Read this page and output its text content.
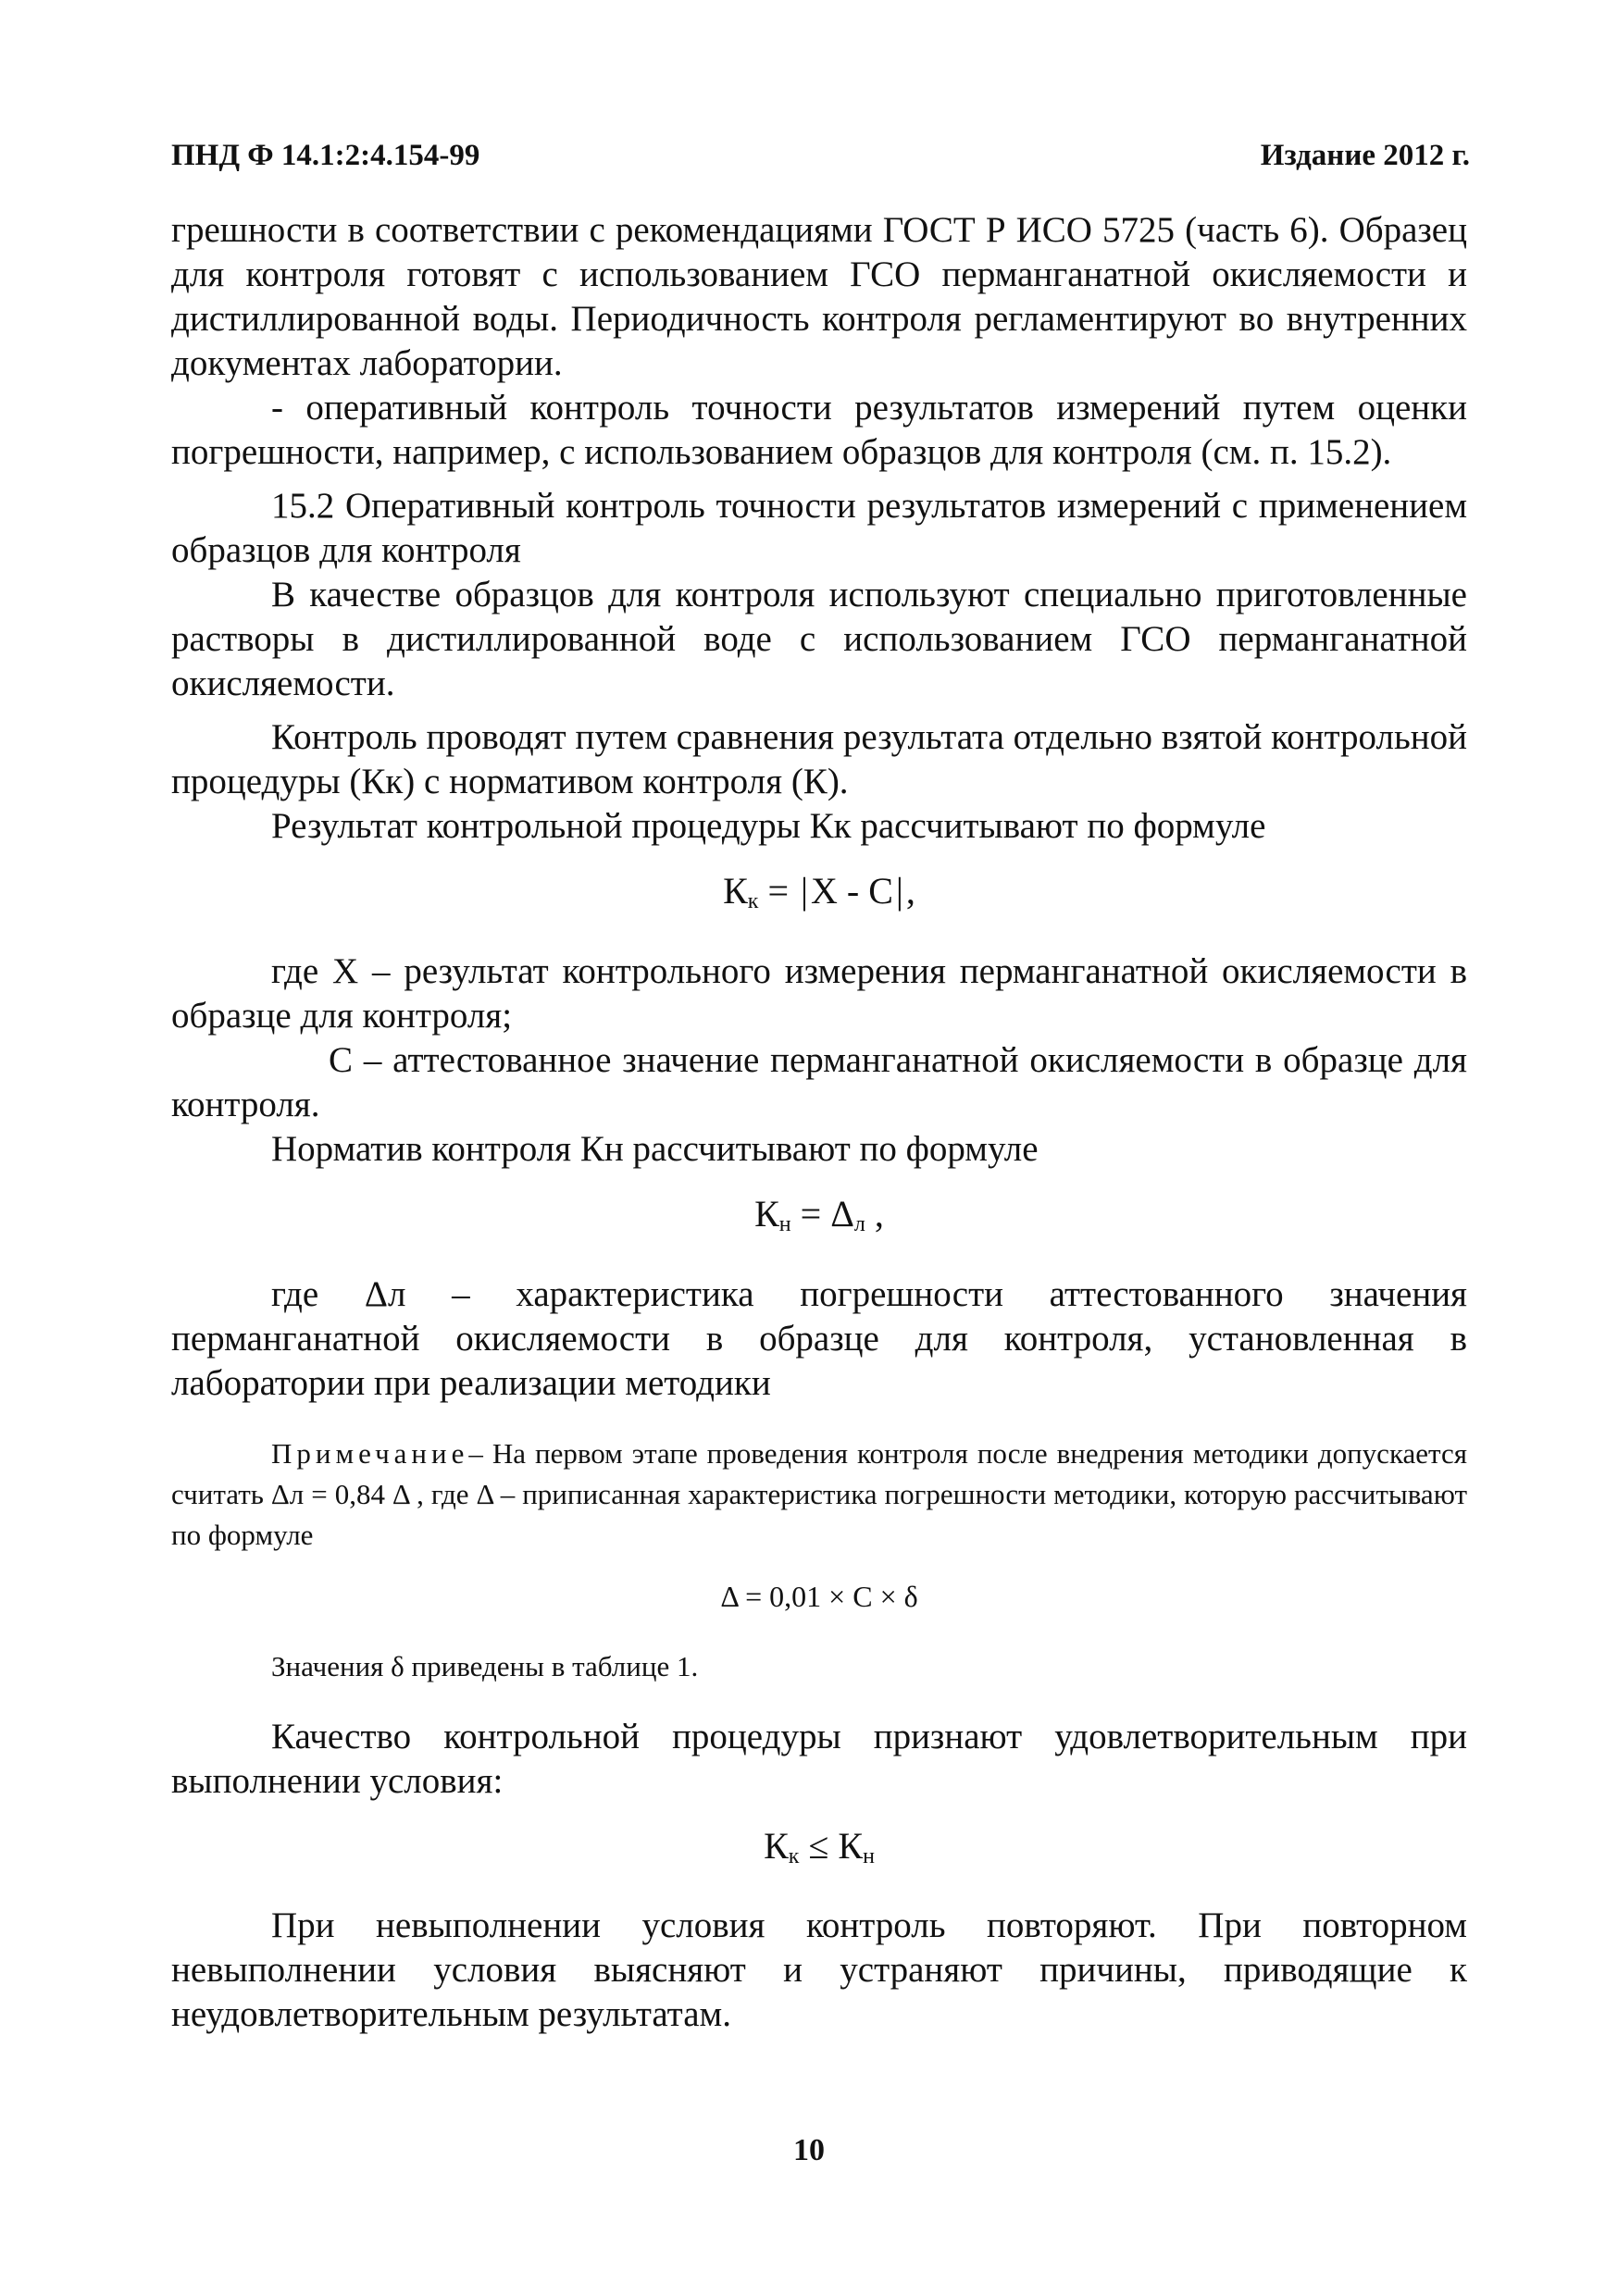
ПНД Ф 14.1:2:4.154-99	Издание 2012 г.

грешности в соответствии с рекомендациями ГОСТ Р ИСО 5725 (часть 6). Образец для контроля готовят с использованием ГСО перманганатной окисляемости и дистиллированной воды. Периодичность контроля регламентируют во внутренних документах лаборатории.

- оперативный контроль точности результатов измерений путем оценки погрешности, например, с использованием образцов для контроля (см. п. 15.2).

15.2 Оперативный контроль точности результатов измерений с применением образцов для контроля

В качестве образцов для контроля используют специально приготовленные растворы в дистиллированной воде с использованием ГСО перманганатной окисляемости.

Контроль проводят путем сравнения результата отдельно взятой контрольной процедуры (Кк) с нормативом контроля (К).

Результат контрольной процедуры Кк рассчитывают по формуле

Кк = |X - C|,

где X – результат контрольного измерения перманганатной окисляемости в образце для контроля;

С – аттестованное значение перманганатной окисляемости в образце для контроля.

Норматив контроля Кн рассчитывают по формуле

Кн = Δл ,

где Δл – характеристика погрешности аттестованного значения перманганатной окисляемости в образце для контроля, установленная в лаборатории при реализации методики

Примечание– На первом этапе проведения контроля после внедрения методики допускается считать Δл = 0,84 Δ , где Δ – приписанная характеристика погрешности методики, которую рассчитывают по формуле

Δ = 0,01 × C × δ

Значения δ приведены в таблице 1.

Качество контрольной процедуры признают удовлетворительным при выполнении условия:

Кк ≤ Кн

При невыполнении условия контроль повторяют. При повторном невыполнении условия выясняют и устраняют причины, приводящие к неудовлетворительным результатам.

10
